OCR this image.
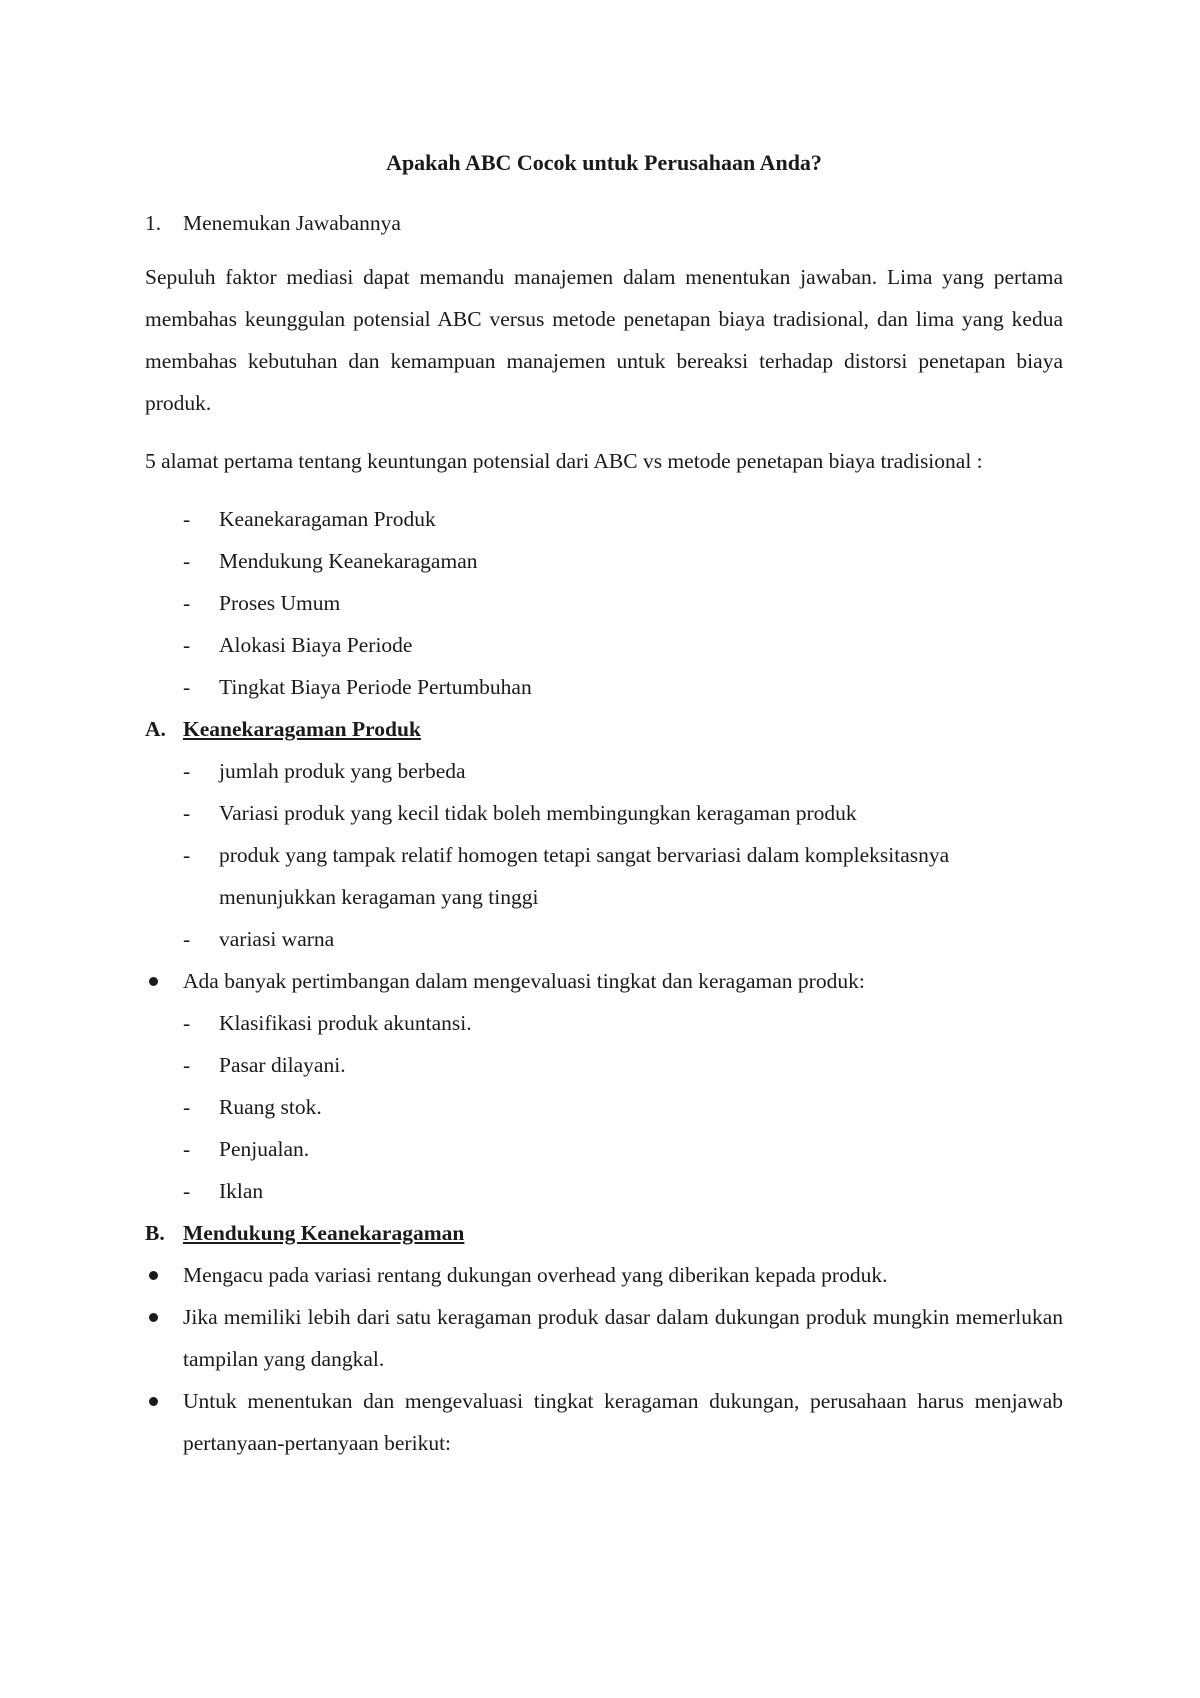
Apakah ABC Cocok untuk Perusahaan Anda?
1.	Menemukan Jawabannya

Sepuluh faktor mediasi dapat memandu manajemen dalam menentukan jawaban. Lima yang pertama membahas keunggulan potensial ABC versus metode penetapan biaya tradisional, dan lima yang kedua membahas kebutuhan dan kemampuan manajemen untuk bereaksi terhadap distorsi penetapan biaya produk.

5 alamat pertama tentang keuntungan potensial dari ABC vs metode penetapan biaya tradisional :

- Keanekaragaman Produk
- Mendukung Keanekaragaman
- Proses Umum
- Alokasi Biaya Periode
- Tingkat Biaya Periode Pertumbuhan
A. Keanekaragaman Produk
- jumlah produk yang berbeda
- Variasi produk yang kecil tidak boleh membingungkan keragaman produk
- produk yang tampak relatif homogen tetapi sangat bervariasi dalam kompleksitasnya menunjukkan keragaman yang tinggi
- variasi warna
Ada banyak pertimbangan dalam mengevaluasi tingkat dan keragaman produk:
- Klasifikasi produk akuntansi.
- Pasar dilayani.
- Ruang stok.
- Penjualan.
- Iklan
B. Mendukung Keanekaragaman
Mengacu pada variasi rentang dukungan overhead yang diberikan kepada produk.
Jika memiliki lebih dari satu keragaman produk dasar dalam dukungan produk mungkin memerlukan tampilan yang dangkal.
Untuk menentukan dan mengevaluasi tingkat keragaman dukungan, perusahaan harus menjawab pertanyaan-pertanyaan berikut:
